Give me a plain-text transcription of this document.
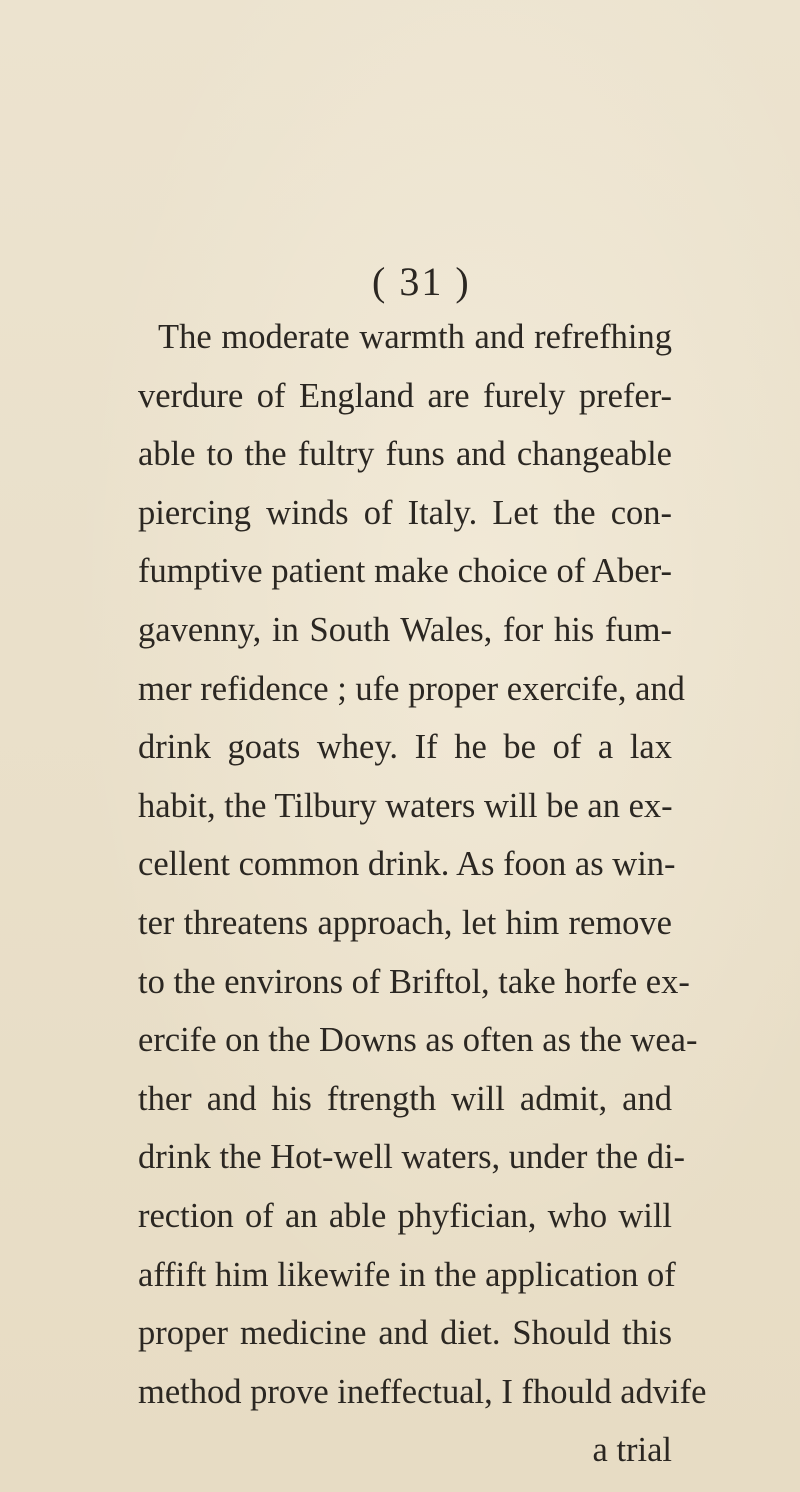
( 31 )
The moderate warmth and refrefhing
verdure of England are furely prefer-
able to the fultry funs and changeable
piercing winds of Italy. Let the con-
fumptive patient make choice of Aber-
gavenny, in South Wales, for his fum-
mer refidence ; ufe proper exercife, and
drink goats whey. If he be of a lax
habit, the Tilbury waters will be an ex-
cellent common drink. As foon as win-
ter threatens approach, let him remove
to the environs of Briftol, take horfe ex-
ercife on the Downs as often as the wea-
ther and his ftrength will admit, and
drink the Hot-well waters, under the di-
rection of an able phyfician, who will
affift him likewife in the application of
proper medicine and diet. Should this
method prove ineffectual, I fhould advife
a trial
